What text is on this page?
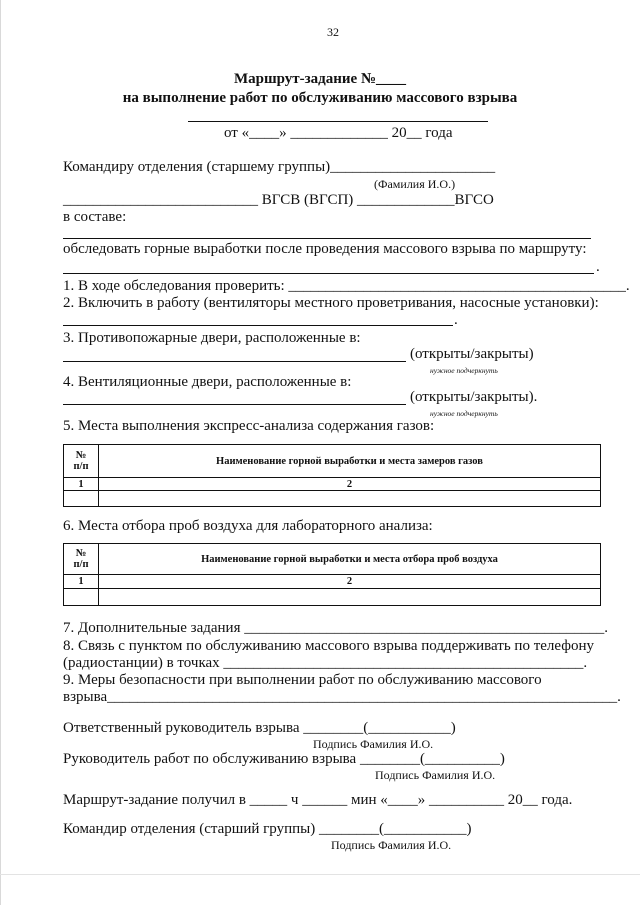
32
Маршрут-задание №____
на выполнение работ по обслуживанию массового взрыва
от «____» _____________ 20__ года
Командиру отделения (старшему группы)______________________
(Фамилия И.О.)
__________________________ ВГСВ (ВГСП) _____________ВГСО
в составе:
обследовать горные выработки после проведения массового взрыва по маршруту:
.
1. В ходе обследования проверить: _____________________________________________.
2. Включить в работу (вентиляторы местного проветривания, насосные установки):
.
3. Противопожарные двери, расположенные в:
(открыты/закрыты)
нужное подчеркнуть
4. Вентиляционные двери, расположенные в:
(открыты/закрыты).
нужное подчеркнуть
5. Места выполнения экспресс-анализа содержания газов:
№
п/п	Наименование горной выработки и места замеров газов
1	2

6. Места отбора проб воздуха для лабораторного анализа:
№
п/п	Наименование горной выработки и места отбора проб воздуха
1	2

7. Дополнительные задания ________________________________________________.
8. Связь с пунктом по обслуживанию массового взрыва поддерживать по телефону
(радиостанции) в точках ________________________________________________.
9. Меры безопасности при выполнении работ по обслуживанию массового
взрыва____________________________________________________________________.
Ответственный руководитель взрыва ________(___________)
Подпись Фамилия И.О.
Руководитель работ по обслуживанию взрыва ________(__________)
Подпись Фамилия И.О.
Маршрут-задание получил в _____ ч ______ мин «____» __________ 20__ года.
Командир отделения (старший группы) ________(___________)
Подпись Фамилия И.О.
